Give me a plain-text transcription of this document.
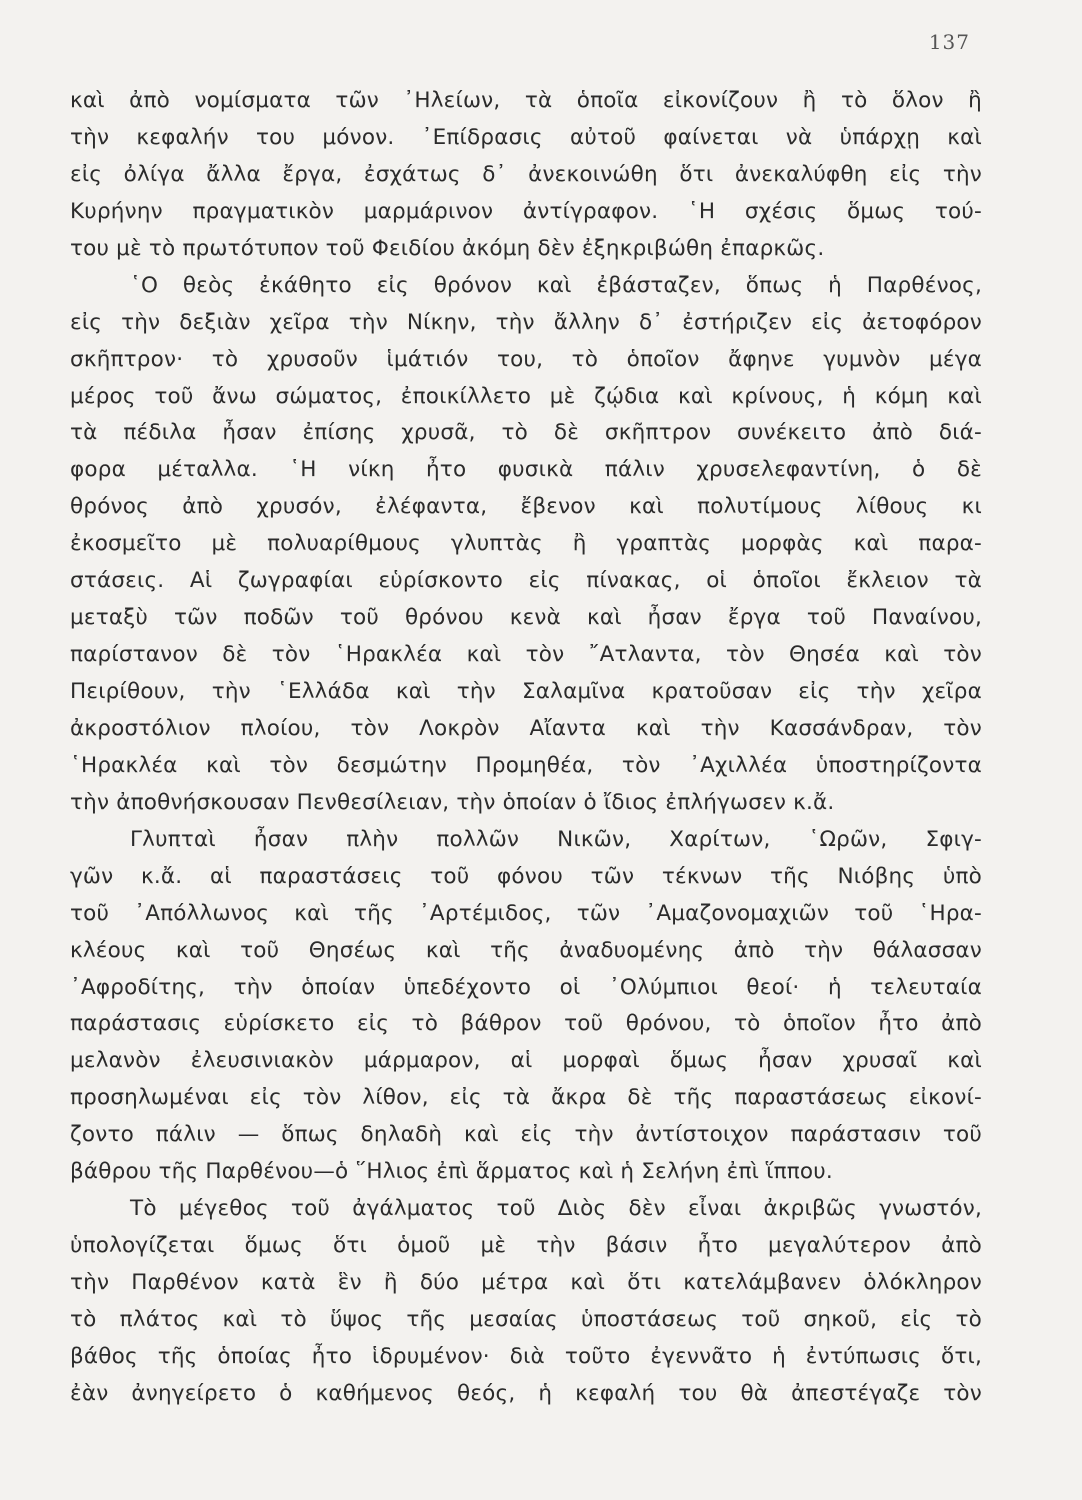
137
καὶ ἀπὸ νομίσματα τῶν ᾿Ηλείων, τὰ ὁποῖα εἰκονίζουν ἢ τὸ ὅλον ἢ
τὴν κεφαλήν του μόνον. ᾿Επίδρασις αὐτοῦ φαίνεται νὰ ὑπάρχῃ καὶ
εἰς ὀλίγα ἄλλα ἔργα, ἐσχάτως δ᾿ ἀνεκοινώθη ὅτι ἀνεκαλύφθη εἰς τὴν
Κυρήνην πραγματικὸν μαρμάρινον ἀντίγραφον. ῾Η σχέσις ὅμως τού-
του μὲ τὸ πρωτότυπον τοῦ Φειδίου ἀκόμη δὲν ἐξηκριβώθη ἐπαρκῶς.
῾Ο θεὸς ἐκάθητο εἰς θρόνον καὶ ἐβάσταζεν, ὅπως ἡ Παρθένος,
εἰς τὴν δεξιὰν χεῖρα τὴν Νίκην, τὴν ἄλλην δ᾿ ἐστήριζεν εἰς ἀετοφόρον
σκῆπτρον· τὸ χρυσοῦν ἱμάτιόν του, τὸ ὁποῖον ἄφηνε γυμνὸν μέγα
μέρος τοῦ ἄνω σώματος, ἐποικίλλετο μὲ ζῴδια καὶ κρίνους, ἡ κόμη καὶ
τὰ πέδιλα ἦσαν ἐπίσης χρυσᾶ, τὸ δὲ σκῆπτρον συνέκειτο ἀπὸ διά-
φορα μέταλλα. ῾Η νίκη ἦτο φυσικὰ πάλιν χρυσελεφαντίνη, ὁ δὲ
θρόνος ἀπὸ χρυσόν, ἐλέφαντα, ἔβενον καὶ πολυτίμους λίθους κι
ἐκοσμεῖτο μὲ πολυαρίθμους γλυπτὰς ἢ γραπτὰς μορφὰς καὶ παρα-
στάσεις. Αἱ ζωγραφίαι εὑρίσκοντο εἰς πίνακας, οἱ ὁποῖοι ἔκλειον τὰ
μεταξὺ τῶν ποδῶν τοῦ θρόνου κενὰ καὶ ἦσαν ἔργα τοῦ Παναίνου,
παρίστανον δὲ τὸν ῾Ηρακλέα καὶ τὸν ῎Ατλαντα, τὸν Θησέα καὶ τὸν
Πειρίθουν, τὴν ῾Ελλάδα καὶ τὴν Σαλαμῖνα κρατοῦσαν εἰς τὴν χεῖρα
ἀκροστόλιον πλοίου, τὸν Λοκρὸν Αἴαντα καὶ τὴν Κασσάνδραν, τὸν
῾Ηρακλέα καὶ τὸν δεσμώτην Προμηθέα, τὸν ᾿Αχιλλέα ὑποστηρίζοντα
τὴν ἀποθνήσκουσαν Πενθεσίλειαν, τὴν ὁποίαν ὁ ἴδιος ἐπλήγωσεν κ.ἄ.
Γλυπταὶ ἦσαν πλὴν πολλῶν Νικῶν, Χαρίτων, ῾Ωρῶν, Σφιγ-
γῶν κ.ἄ. αἱ παραστάσεις τοῦ φόνου τῶν τέκνων τῆς Νιόβης ὑπὸ
τοῦ ᾿Απόλλωνος καὶ τῆς ᾿Αρτέμιδος, τῶν ᾿Αμαζονομαχιῶν τοῦ ῾Ηρα-
κλέους καὶ τοῦ Θησέως καὶ τῆς ἀναδυομένης ἀπὸ τὴν θάλασσαν
᾿Αφροδίτης, τὴν ὁποίαν ὑπεδέχοντο οἱ ᾿Ολύμπιοι θεοί· ἡ τελευταία
παράστασις εὑρίσκετο εἰς τὸ βάθρον τοῦ θρόνου, τὸ ὁποῖον ἦτο ἀπὸ
μελανὸν ἐλευσινιακὸν μάρμαρον, αἱ μορφαὶ ὅμως ἦσαν χρυσαῖ καὶ
προσηλωμέναι εἰς τὸν λίθον, εἰς τὰ ἄκρα δὲ τῆς παραστάσεως εἰκονί-
ζοντο πάλιν — ὅπως δηλαδὴ καὶ εἰς τὴν ἀντίστοιχον παράστασιν τοῦ
βάθρου τῆς Παρθένου—ὁ ῞Ηλιος ἐπὶ ἅρματος καὶ ἡ Σελήνη ἐπὶ ἵππου.
Τὸ μέγεθος τοῦ ἀγάλματος τοῦ Διὸς δὲν εἶναι ἀκριβῶς γνωστόν,
ὑπολογίζεται ὅμως ὅτι ὁμοῦ μὲ τὴν βάσιν ἦτο μεγαλύτερον ἀπὸ
τὴν Παρθένον κατὰ ἓν ἢ δύο μέτρα καὶ ὅτι κατελάμβανεν ὁλόκληρον
τὸ πλάτος καὶ τὸ ὕψος τῆς μεσαίας ὑποστάσεως τοῦ σηκοῦ, εἰς τὸ
βάθος τῆς ὁποίας ἦτο ἱδρυμένον· διὰ τοῦτο ἐγεννᾶτο ἡ ἐντύπωσις ὅτι,
ἐὰν ἀνηγείρετο ὁ καθήμενος θεός, ἡ κεφαλή του θὰ ἀπεστέγαζε τὸν
